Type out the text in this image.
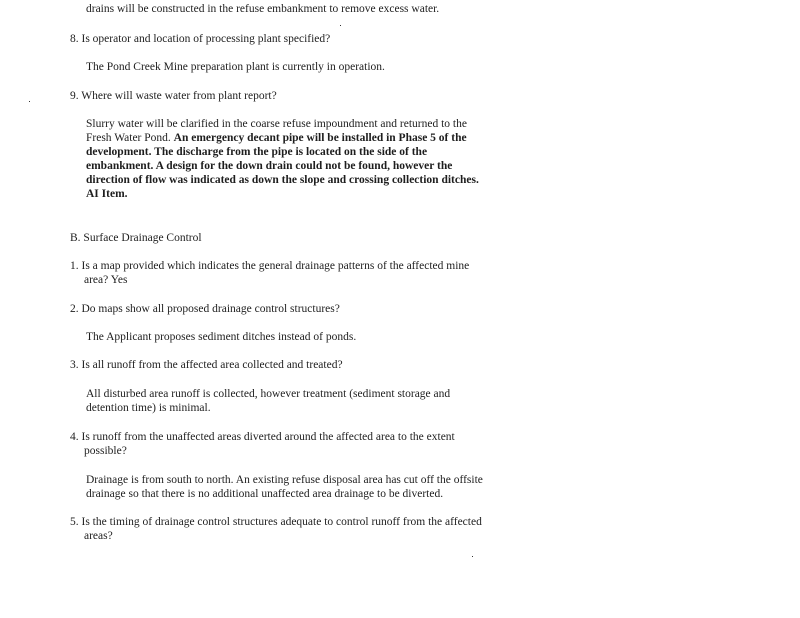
drains will be constructed in the refuse embankment to remove excess water.
8. Is operator and location of processing plant specified?
The Pond Creek Mine preparation plant is currently in operation.
9. Where will waste water from plant report?
Slurry water will be clarified in the coarse refuse impoundment and returned to the
Fresh Water Pond. An emergency decant pipe will be installed in Phase 5 of the
development. The discharge from the pipe is located on the side of the
embankment. A design for the down drain could not be found, however the
direction of flow was indicated as down the slope and crossing collection ditches.
AI Item.
B. Surface Drainage Control
1. Is a map provided which indicates the general drainage patterns of the affected mine
area? Yes
2. Do maps show all proposed drainage control structures?
The Applicant proposes sediment ditches instead of ponds.
3. Is all runoff from the affected area collected and treated?
All disturbed area runoff is collected, however treatment (sediment storage and
detention time) is minimal.
4. Is runoff from the unaffected areas diverted around the affected area to the extent
possible?
Drainage is from south to north. An existing refuse disposal area has cut off the offsite
drainage so that there is no additional unaffected area drainage to be diverted.
5. Is the timing of drainage control structures adequate to control runoff from the affected
areas?
